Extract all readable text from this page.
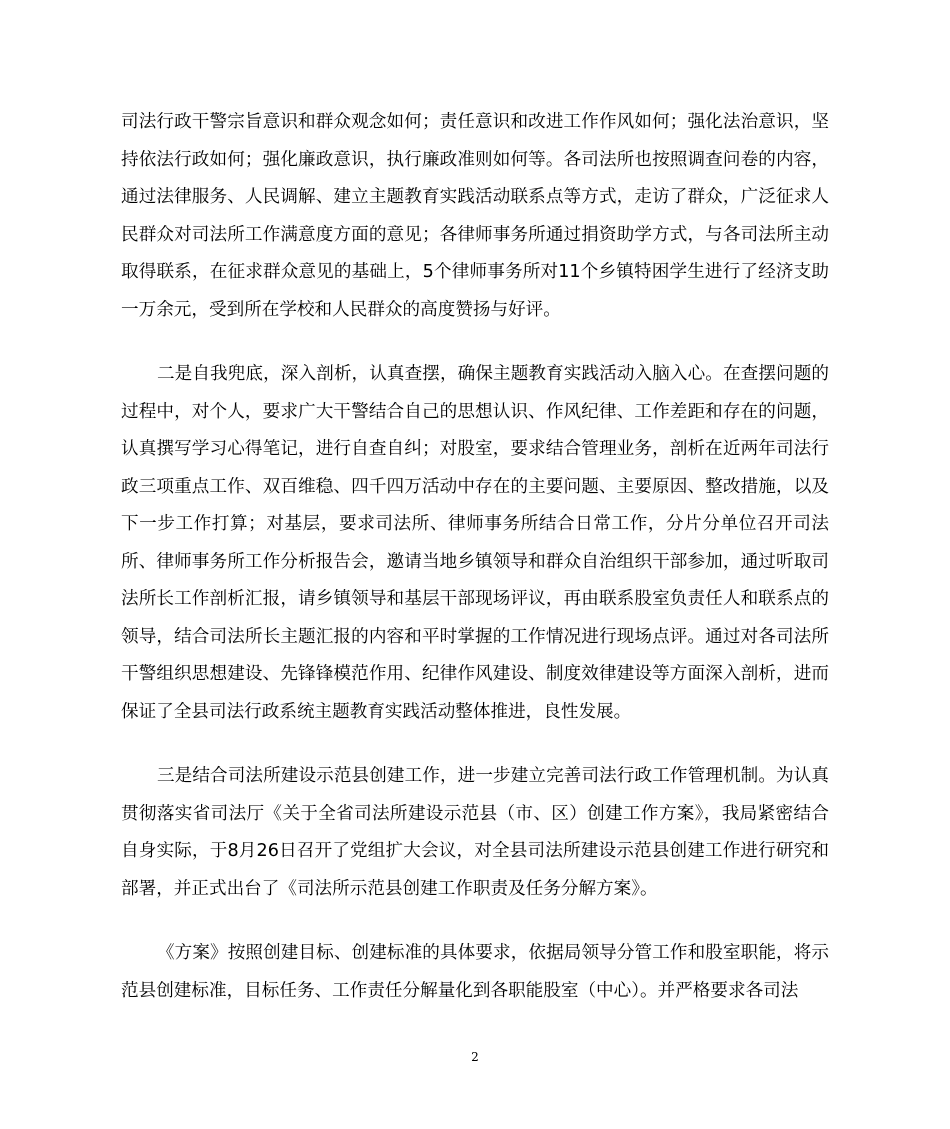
司法行政干警宗旨意识和群众观念如何；责任意识和改进工作作风如何；强化法治意识，坚持依法行政如何；强化廉政意识，执行廉政准则如何等。各司法所也按照调查问卷的内容，通过法律服务、人民调解、建立主题教育实践活动联系点等方式，走访了群众，广泛征求人民群众对司法所工作满意度方面的意见；各律师事务所通过捐资助学方式，与各司法所主动取得联系，在征求群众意见的基础上，5个律师事务所对11个乡镇特困学生进行了经济支助一万余元，受到所在学校和人民群众的高度赞扬与好评。

二是自我兜底，深入剖析，认真查摆，确保主题教育实践活动入脑入心。在查摆问题的过程中，对个人，要求广大干警结合自己的思想认识、作风纪律、工作差距和存在的问题，认真撰写学习心得笔记，进行自查自纠；对股室，要求结合管理业务，剖析在近两年司法行政三项重点工作、双百维稳、四千四万活动中存在的主要问题、主要原因、整改措施，以及下一步工作打算；对基层，要求司法所、律师事务所结合日常工作，分片分单位召开司法所、律师事务所工作分析报告会，邀请当地乡镇领导和群众自治组织干部参加，通过听取司法所长工作剖析汇报，请乡镇领导和基层干部现场评议，再由联系股室负责任人和联系点的领导，结合司法所长主题汇报的内容和平时掌握的工作情况进行现场点评。通过对各司法所干警组织思想建设、先锋锋模范作用、纪律作风建设、制度效律建设等方面深入剖析，进而保证了全县司法行政系统主题教育实践活动整体推进，良性发展。

三是结合司法所建设示范县创建工作，进一步建立完善司法行政工作管理机制。为认真贯彻落实省司法厅《关于全省司法所建设示范县（市、区）创建工作方案》，我局紧密结合自身实际，于8月26日召开了党组扩大会议，对全县司法所建设示范县创建工作进行研究和部署，并正式出台了《司法所示范县创建工作职责及任务分解方案》。

《方案》按照创建目标、创建标准的具体要求，依据局领导分管工作和股室职能，将示范县创建标准，目标任务、工作责任分解量化到各职能股室（中心）。并严格要求各司法

2
